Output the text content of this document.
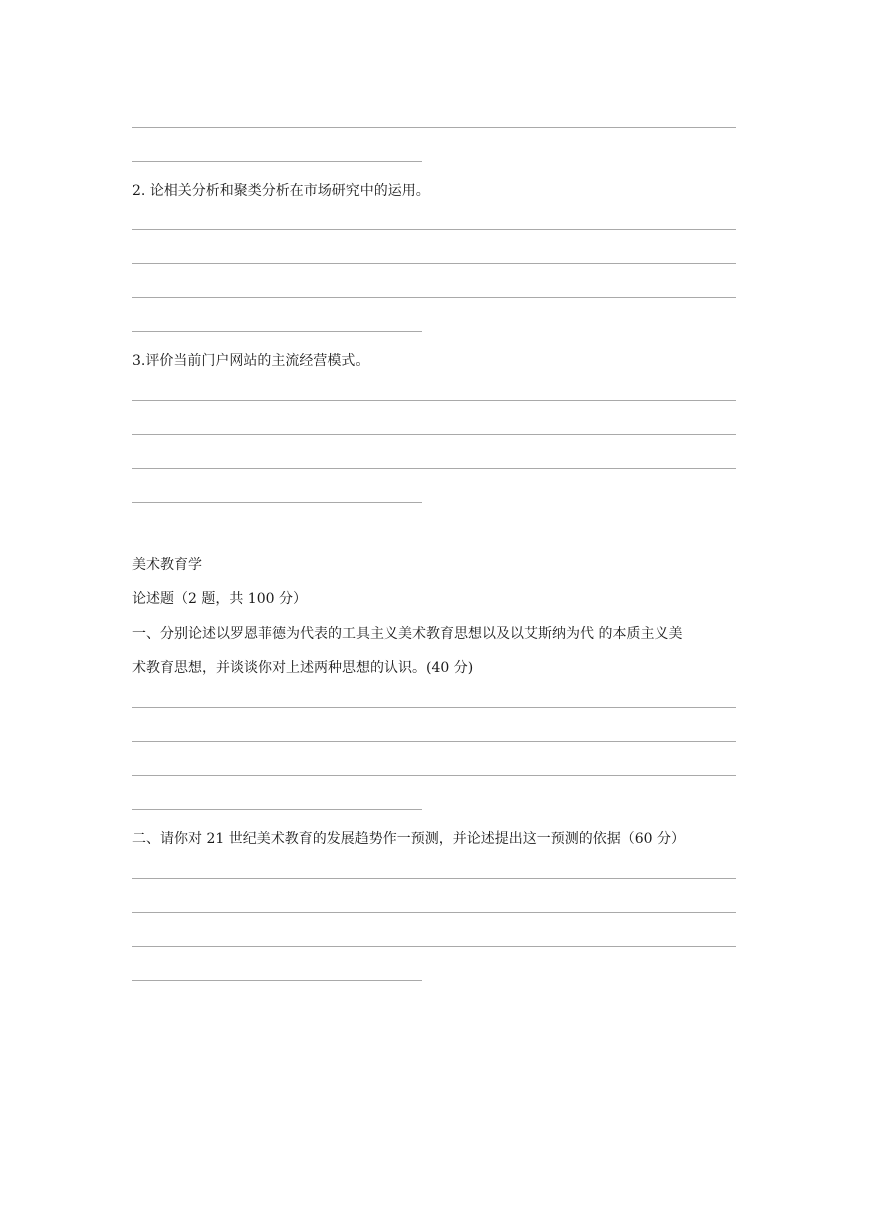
2. 论相关分析和聚类分析在市场研究中的运用。
3.评价当前门户网站的主流经营模式。
美术教育学
论述题（2 题，共 100 分）
一、分别论述以罗恩菲德为代表的工具主义美术教育思想以及以艾斯纳为代 的本质主义美
术教育思想，并谈谈你对上述两种思想的认识。(40 分)
二、请你对 21 世纪美术教育的发展趋势作一预测，并论述提出这一预测的依据（60 分）
